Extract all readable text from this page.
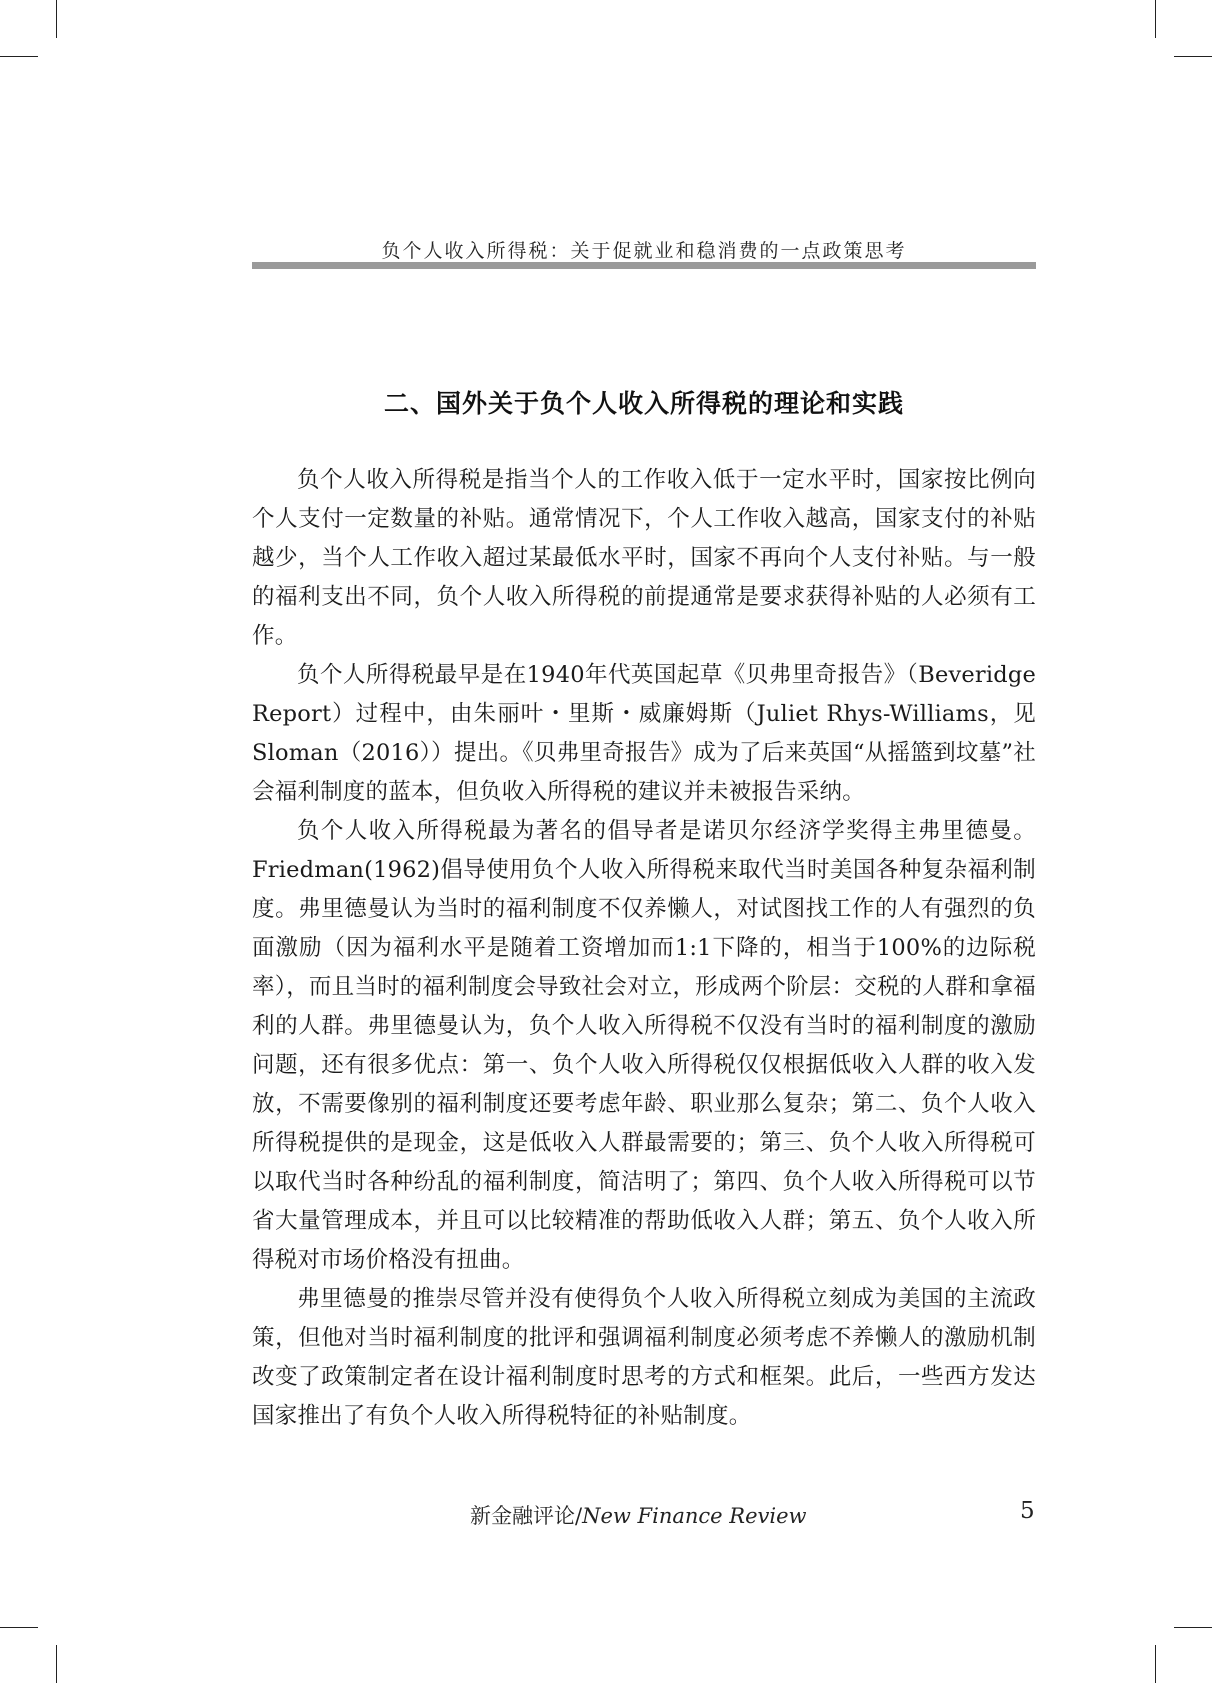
负个人收入所得税：关于促就业和稳消费的一点政策思考
二、国外关于负个人收入所得税的理论和实践

负个人收入所得税是指当个人的工作收入低于一定水平时，国家按比例向个人支付一定数量的补贴。通常情况下，个人工作收入越高，国家支付的补贴越少，当个人工作收入超过某最低水平时，国家不再向个人支付补贴。与一般的福利支出不同，负个人收入所得税的前提通常是要求获得补贴的人必须有工作。

负个人所得税最早是在1940年代英国起草《贝弗里奇报告》（Beveridge Report）过程中，由朱丽叶・里斯・威廉姆斯（Juliet Rhys-Williams，见Sloman（2016））提出。《贝弗里奇报告》成为了后来英国“从摇篮到坟墓”社会福利制度的蓝本，但负收入所得税的建议并未被报告采纳。

负个人收入所得税最为著名的倡导者是诺贝尔经济学奖得主弗里德曼。Friedman(1962)倡导使用负个人收入所得税来取代当时美国各种复杂福利制度。弗里德曼认为当时的福利制度不仅养懒人，对试图找工作的人有强烈的负面激励（因为福利水平是随着工资增加而1:1下降的，相当于100%的边际税率），而且当时的福利制度会导致社会对立，形成两个阶层：交税的人群和拿福利的人群。弗里德曼认为，负个人收入所得税不仅没有当时的福利制度的激励问题，还有很多优点：第一、负个人收入所得税仅仅根据低收入人群的收入发放，不需要像别的福利制度还要考虑年龄、职业那么复杂；第二、负个人收入所得税提供的是现金，这是低收入人群最需要的；第三、负个人收入所得税可以取代当时各种纷乱的福利制度，简洁明了；第四、负个人收入所得税可以节省大量管理成本，并且可以比较精准的帮助低收入人群；第五、负个人收入所得税对市场价格没有扭曲。

弗里德曼的推崇尽管并没有使得负个人收入所得税立刻成为美国的主流政策，但他对当时福利制度的批评和强调福利制度必须考虑不养懒人的激励机制改变了政策制定者在设计福利制度时思考的方式和框架。此后，一些西方发达国家推出了有负个人收入所得税特征的补贴制度。

新金融评论/New Finance Review	5
